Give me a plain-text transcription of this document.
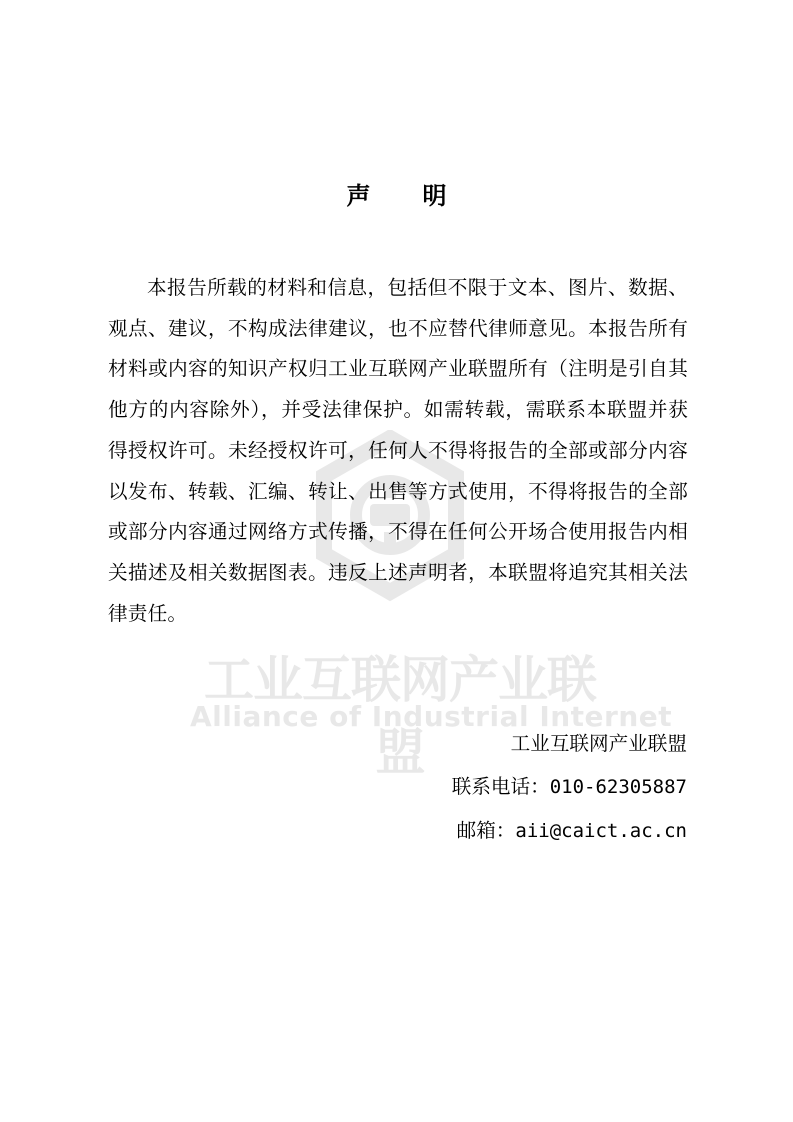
工业互联网产业联盟
Alliance of Industrial Internet
声 明

本报告所载的材料和信息，包括但不限于文本、图片、数据、观点、建议，不构成法律建议，也不应替代律师意见。本报告所有材料或内容的知识产权归工业互联网产业联盟所有（注明是引自其他方的内容除外），并受法律保护。如需转载，需联系本联盟并获得授权许可。未经授权许可，任何人不得将报告的全部或部分内容以发布、转载、汇编、转让、出售等方式使用，不得将报告的全部或部分内容通过网络方式传播，不得在任何公开场合使用报告内相关描述及相关数据图表。违反上述声明者，本联盟将追究其相关法律责任。

工业互联网产业联盟
联系电话：010-62305887
邮箱：aii@caict.ac.cn
